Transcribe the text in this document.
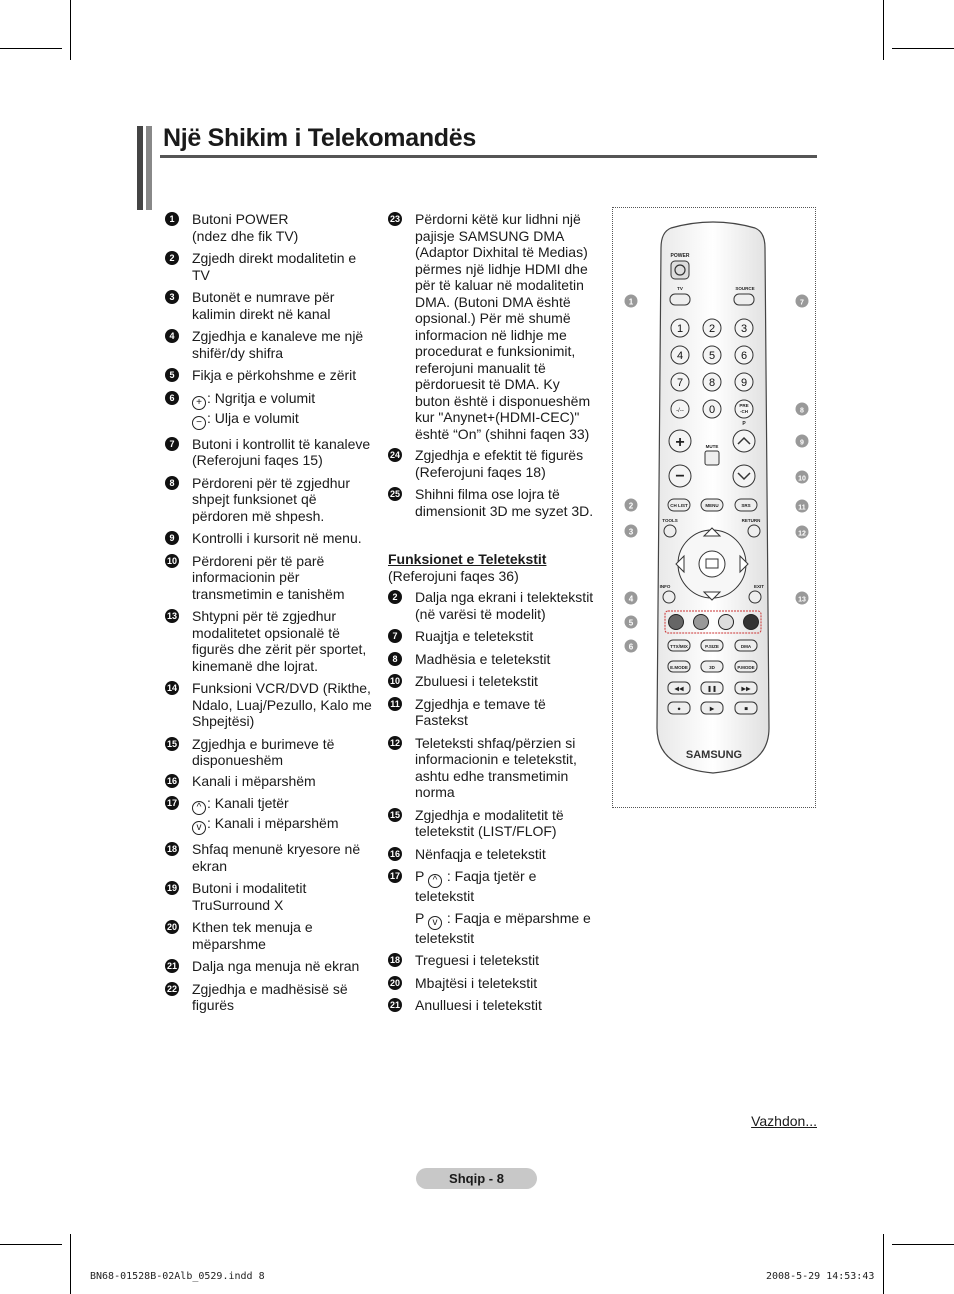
Një Shikim i Telekomandës
1	Butoni POWER
(ndez dhe fik TV)
2	Zgjedh direkt modalitetin e TV
3	Butonët e numrave për kalimin direkt në kanal
4	Zgjedhja e kanaleve me një shifër/dy shifra
5	Fikja e përkohshme e zërit
6	+ : Ngritja e volumit
− : Ulja e volumit
7	Butoni i kontrollit të kanaleve (Referojuni faqes 15)
8	Përdoreni për të zgjedhur shpejt funksionet që përdoren më shpesh.
9	Kontrolli i kursorit në menu.
10 Përdoreni për të parë informacionin për transmetimin e tanishëm
13 Shtypni për të zgjedhur modalitetet opsionalë të figurës dhe zërit për sportet, kinemanë dhe lojrat.
14 Funksioni VCR/DVD (Rikthe, Ndalo, Luaj/Pezullo, Kalo me Shpejtësi)
15 Zgjedhja e burimeve të disponueshëm
16 Kanali i mëparshëm
17	^ : Kanali tjetër
v : Kanali i mëparshëm
18 Shfaq menunë kryesore në ekran
19 Butoni i modalitetit TruSurround X
20 Kthen tek menuja e mëparshme
21 Dalja nga menuja në ekran
22 Zgjedhja e madhësisë së figurës
23 Përdorni këtë kur lidhni një pajisje SAMSUNG DMA (Adaptor Dixhital të Medias) përmes një lidhje HDMI dhe për të kaluar në modalitetin DMA. (Butoni DMA është opsional.) Për më shumë informacion në lidhje me procedurat e funksionimit, referojuni manualit të përdoruesit të DMA. Ky buton është i disponueshëm kur "Anynet+(HDMI-CEC)" është “On” (shihni faqen 33)
24 Zgjedhja e efektit të figurës (Referojuni faqes 18)
25 Shihni filma ose lojra të dimensionit 3D me syzet 3D.
Funksionet e Teletekstit
(Referojuni faqes 36)
2	Dalja nga ekrani i telektekstit (në varësi të modelit)
7	Ruajtja e teletekstit
8	Madhësia e teletekstit
10 Zbuluesi i teletekstit
11 Zgjedhja e temave të Fastekst
12 Teleteksti shfaq/përzien si informacionin e teletekstit, ashtu edhe transmetimin norma
15 Zgjedhja e modalitetit të teletekstit (LIST/FLOF)
16 Nënfaqja e teletekstit
17 P ^ : Faqja tjetër e teletekstit
P v : Faqja e mëparshme e teletekstit
18 Treguesi i teletekstit
20 Mbajtësi i teletekstit
21 Anulluesi i teletekstit
POWER
TV	SOURCE
1 2 3
4 5 6
7 8 9
-/-- 0	PRE
-CH
P
+	MUTE
−
CH LIST	MENU	SRS
TOOLS	RETURN
INFO	EXIT
TTX/MIX	P.SIZE	DMA
E.MODE	3D	P.MODE
◀◀	❚❚	▶▶
●	▶	■
SAMSUNG
1
2
3
4
5
6
7
8
9
10
11
12
13
Vazhdon...
Shqip - 8
BN68-01528B-02Alb_0529.indd 8	2008-5-29 14:53:43
